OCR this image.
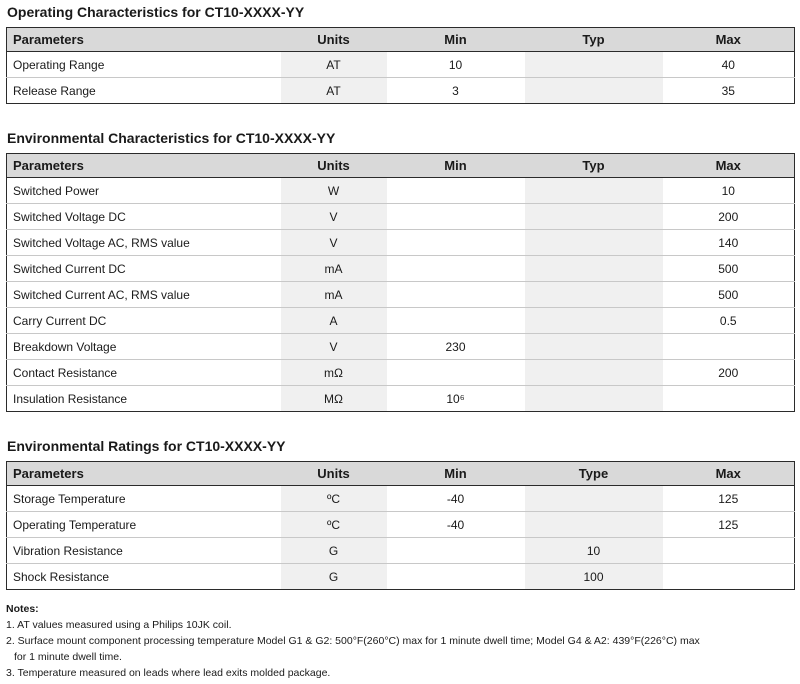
Operating Characteristics for CT10-XXXX-YY
Parameters	Units	Min	Typ	Max
Operating Range	AT	10		40
Release Range	AT	3		35
Environmental Characteristics for CT10-XXXX-YY
Parameters	Units	Min	Typ	Max
Switched Power	W			10
Switched Voltage DC	V			200
Switched Voltage AC, RMS value	V			140
Switched Current DC	mA			500
Switched Current AC, RMS value	mA			500
Carry Current DC	A			0.5
Breakdown Voltage	V	230		
Contact Resistance	mΩ			200
Insulation Resistance	MΩ	10⁶		
Environmental Ratings for CT10-XXXX-YY
Parameters	Units	Min	Type	Max
Storage Temperature	ºC	-40		125
Operating Temperature	ºC	-40		125
Vibration Resistance	G		10	
Shock Resistance	G		100	
Notes:
1. AT values measured using a Philips 10JK coil.
2. Surface mount component processing temperature Model G1 & G2: 500°F(260°C) max for 1 minute dwell time; Model G4 & A2: 439°F(226°C) max
for 1 minute dwell time.
3. Temperature measured on leads where lead exits molded package.
